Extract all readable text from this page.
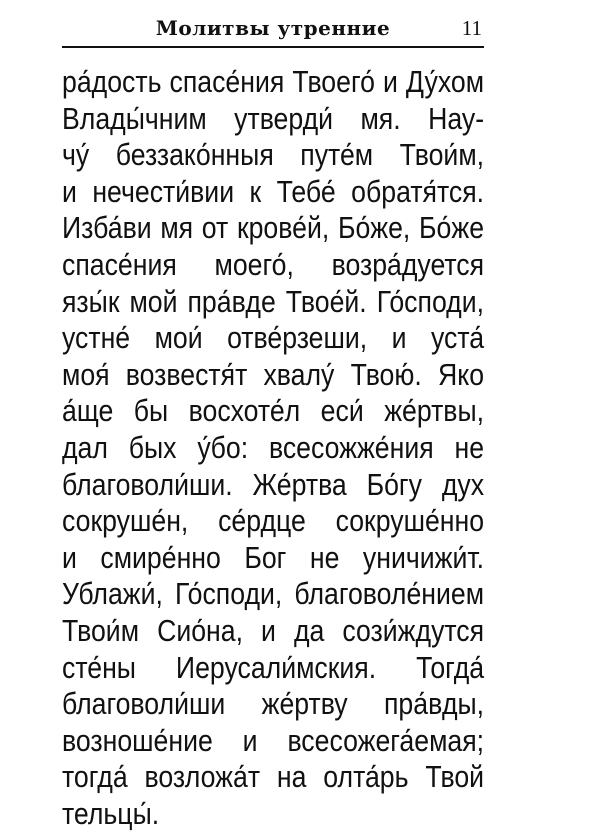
Молитвы утренние	11
ра́дость спасе́ния Твоего́ и Ду́хом
Влады́чним утверди́ мя. Нау-
чу́ беззако́нныя путе́м Твои́м,
и нечести́вии к Тебе́ обратя́тся.
Изба́ви мя от крове́й, Бо́же, Бо́же
спасе́ния моего́, возра́дуется
язы́к мой пра́вде Твое́й. Го́споди,
устне́ мои́ отве́рзеши, и уста́
моя́ возвестя́т хвалу́ Твою́. Яко
а́ще бы восхоте́л еси́ же́ртвы,
дал бых у́бо: всесожже́ния не
благоволи́ши. Же́ртва Бо́гу дух
сокруше́н, се́рдце сокруше́нно
и смире́нно Бог не уничижи́т.
Ублажи́, Го́споди, благоволе́нием
Твои́м Сио́на, и да сози́ждутся
сте́ны Иерусали́мския. Тогда́
благоволи́ши же́ртву пра́вды,
возноше́ние и всесожега́емая;
тогда́ возложа́т на олта́рь Твой
тельцы́.
